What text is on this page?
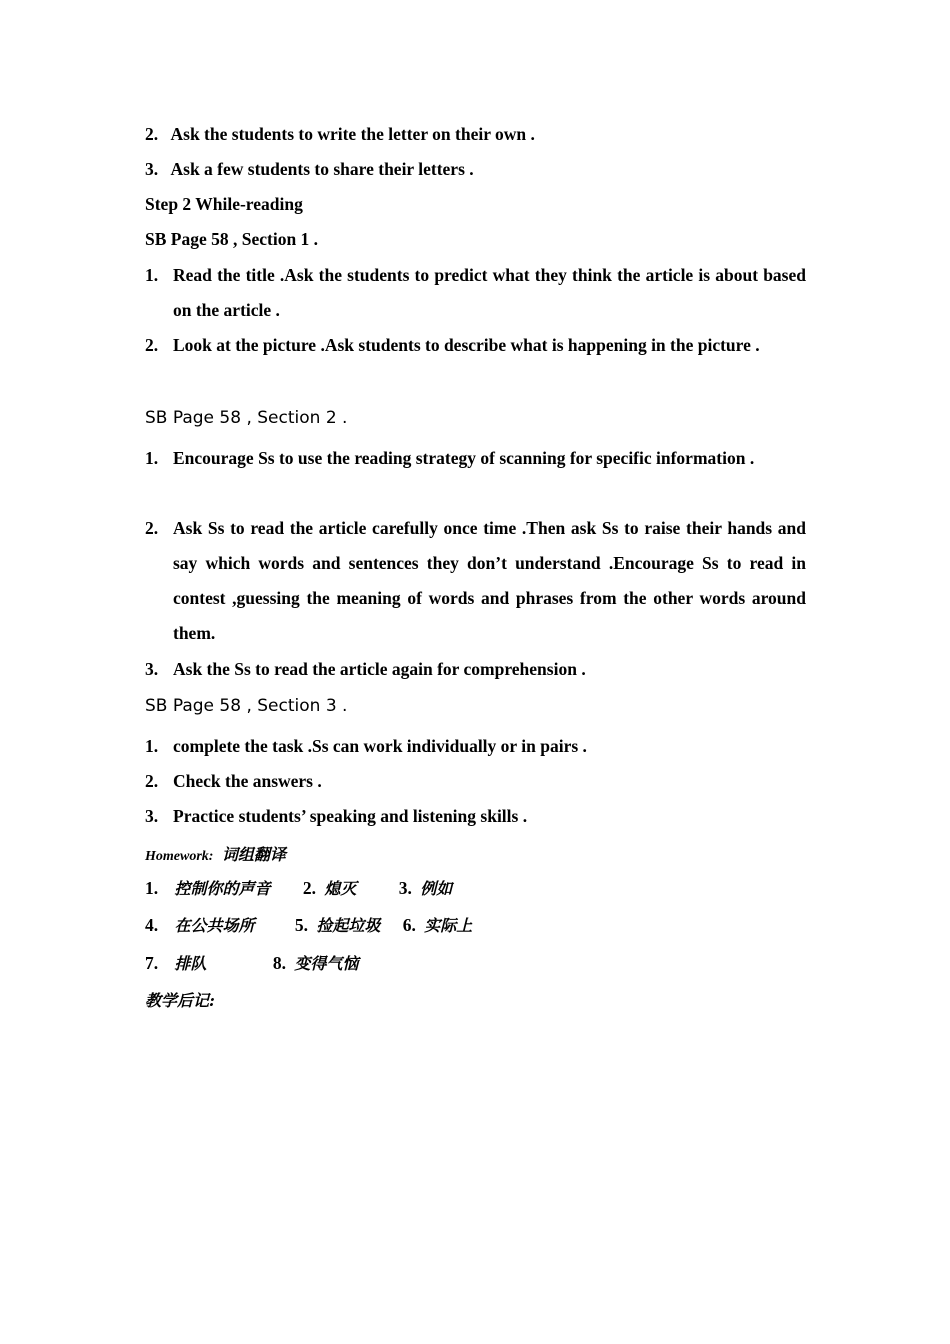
2. Ask the students to write the letter on their own .
3. Ask a few students to share their letters .
Step 2 While-reading
SB Page 58 , Section 1 .
1. Read the title .Ask the students to predict what they think the article is about based on the article .
2. Look at the picture .Ask students to describe what is happening in the picture .
SB Page 58 , Section 2 .
1. Encourage Ss to use the reading strategy of scanning for specific information .
2. Ask Ss to read the article carefully once time .Then ask Ss to raise their hands and say which words and sentences they don’t understand .Encourage Ss to read in contest ,guessing the meaning of words and phrases from the other words around them.
3. Ask the Ss to read the article again for comprehension .
SB Page 58 , Section 3 .
1. complete the task .Ss can work individually or in pairs .
2. Check the answers .
3. Practice students’ speaking and listening skills .
Homework: 词组翻译
1. 控制你的声音 2. 熄灭 3. 例如
4. 在公共场所 5. 捡起垃圾 6. 实际上
7. 排队	8. 变得气恼
教学后记:
